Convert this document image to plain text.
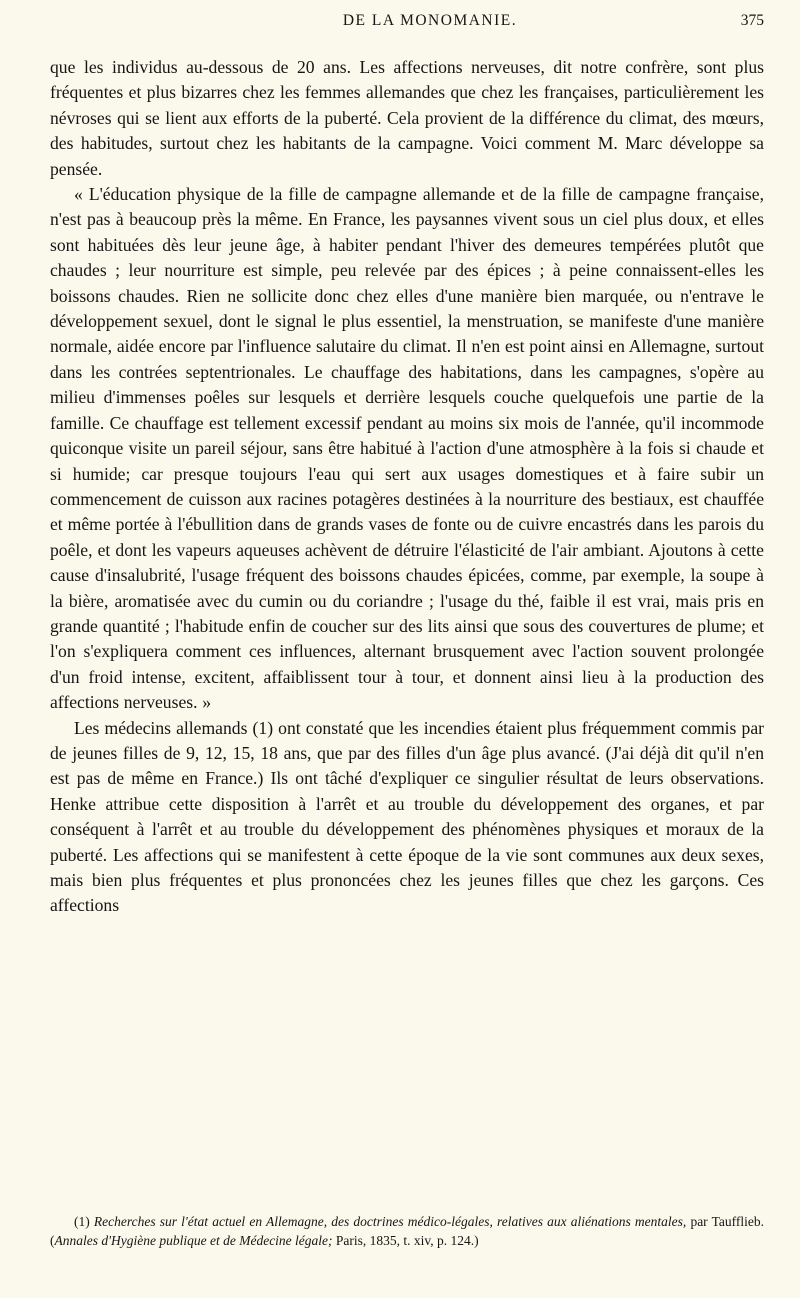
DE LA MONOMANIE.	375

que les individus au-dessous de 20 ans. Les affections nerveuses, dit notre confrère, sont plus fréquentes et plus bizarres chez les femmes allemandes que chez les françaises, particulièrement les névroses qui se lient aux efforts de la puberté. Cela provient de la différence du climat, des mœurs, des habitudes, surtout chez les habitants de la campagne. Voici comment M. Marc développe sa pensée.

« L'éducation physique de la fille de campagne allemande et de la fille de campagne française, n'est pas à beaucoup près la même. En France, les paysannes vivent sous un ciel plus doux, et elles sont habituées dès leur jeune âge, à habiter pendant l'hiver des demeures tempérées plutôt que chaudes ; leur nourriture est simple, peu relevée par des épices ; à peine connaissent-elles les boissons chaudes. Rien ne sollicite donc chez elles d'une manière bien marquée, ou n'entrave le développement sexuel, dont le signal le plus essentiel, la menstruation, se manifeste d'une manière normale, aidée encore par l'influence salutaire du climat. Il n'en est point ainsi en Allemagne, surtout dans les contrées septentrionales. Le chauffage des habitations, dans les campagnes, s'opère au milieu d'immenses poêles sur lesquels et derrière lesquels couche quelquefois une partie de la famille. Ce chauffage est tellement excessif pendant au moins six mois de l'année, qu'il incommode quiconque visite un pareil séjour, sans être habitué à l'action d'une atmosphère à la fois si chaude et si humide; car presque toujours l'eau qui sert aux usages domestiques et à faire subir un commencement de cuisson aux racines potagères destinées à la nourriture des bestiaux, est chauffée et même portée à l'ébullition dans de grands vases de fonte ou de cuivre encastrés dans les parois du poêle, et dont les vapeurs aqueuses achèvent de détruire l'élasticité de l'air ambiant. Ajoutons à cette cause d'insalubrité, l'usage fréquent des boissons chaudes épicées, comme, par exemple, la soupe à la bière, aromatisée avec du cumin ou du coriandre ; l'usage du thé, faible il est vrai, mais pris en grande quantité ; l'habitude enfin de coucher sur des lits ainsi que sous des couvertures de plume; et l'on s'expliquera comment ces influences, alternant brusquement avec l'action souvent prolongée d'un froid intense, excitent, affaiblissent tour à tour, et donnent ainsi lieu à la production des affections nerveuses. »

Les médecins allemands (1) ont constaté que les incendies étaient plus fréquemment commis par de jeunes filles de 9, 12, 15, 18 ans, que par des filles d'un âge plus avancé. (J'ai déjà dit qu'il n'en est pas de même en France.) Ils ont tâché d'expliquer ce singulier résultat de leurs observations. Henke attribue cette disposition à l'arrêt et au trouble du développement des organes, et par conséquent à l'arrêt et au trouble du développement des phénomènes physiques et moraux de la puberté. Les affections qui se manifestent à cette époque de la vie sont communes aux deux sexes, mais bien plus fréquentes et plus prononcées chez les jeunes filles que chez les garçons. Ces affections

(1) Recherches sur l'état actuel en Allemagne, des doctrines médico-légales, relatives aux aliénations mentales, par Taufflieb. (Annales d'Hygiène publique et de Médecine légale; Paris, 1835, t. xiv, p. 124.)
